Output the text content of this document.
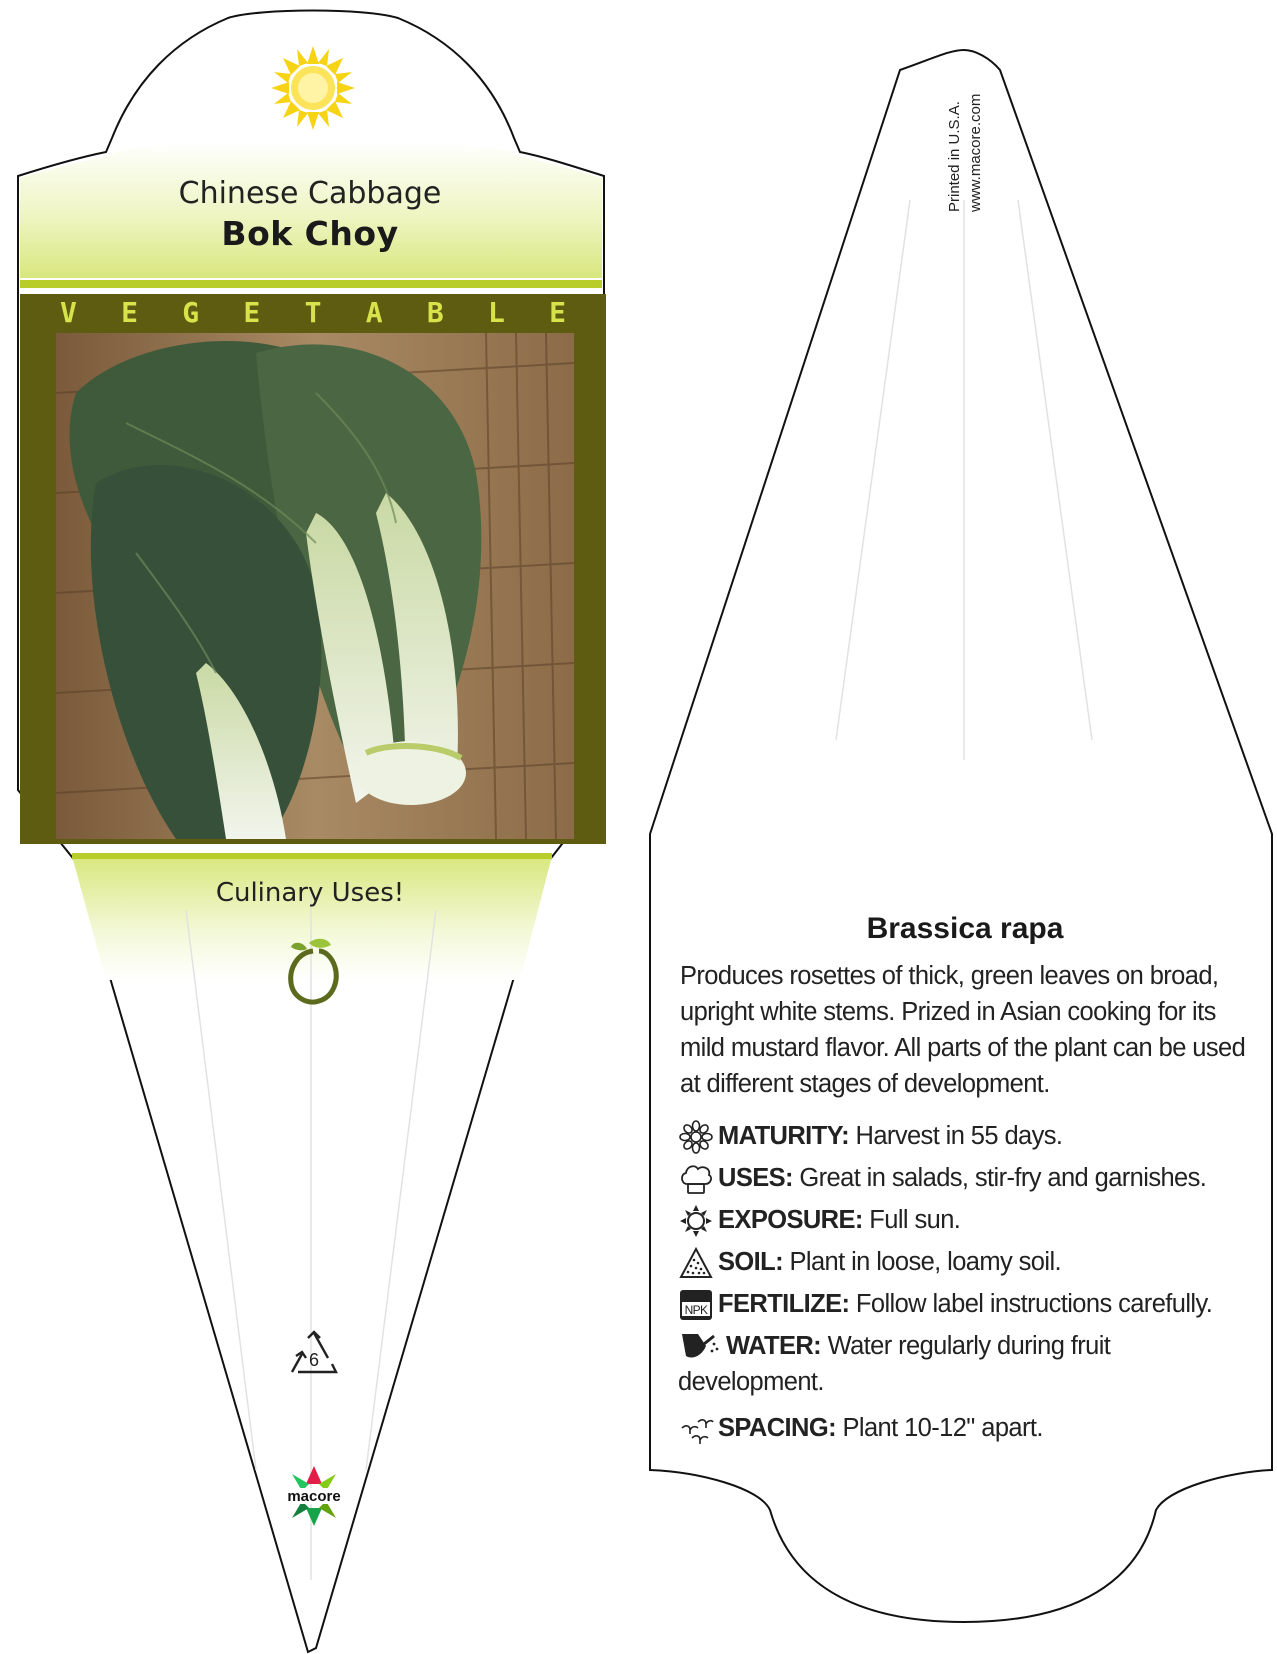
Chinese Cabbage
Bok Choy
V E G E T A B L E
Culinary Uses!
6
macore
Printed in U.S.A. www.macore.com
Brassica rapa
Produces rosettes of thick, green leaves on broad, upright white stems. Prized in Asian cooking for its mild mustard flavor. All parts of the plant can be used at different stages of development.
MATURITY: Harvest in 55 days.
USES: Great in salads, stir-fry and garnishes.
EXPOSURE: Full sun.
SOIL: Plant in loose, loamy soil.
NPK FERTILIZE: Follow label instructions carefully.
WATER: Water regularly during fruit
development.
SPACING: Plant 10-12" apart.
